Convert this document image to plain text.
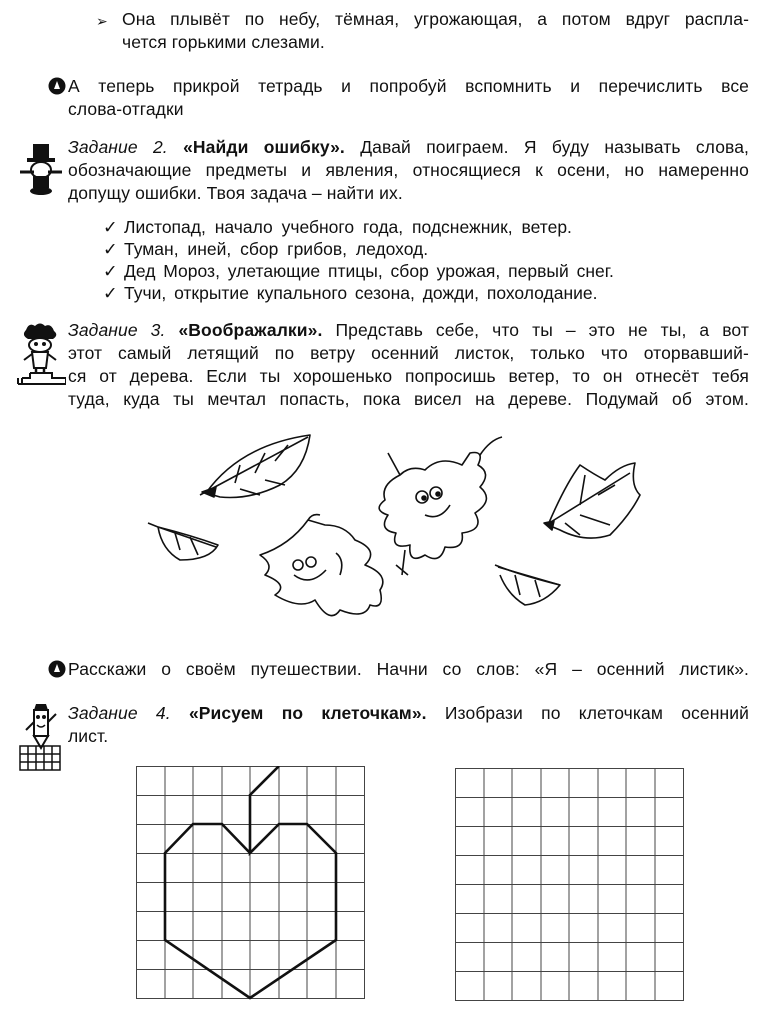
➢ Она плывёт по небу, тёмная, угрожающая, а потом вдруг распла-
чется горькими слезами.
А теперь прикрой тетрадь и попробуй вспомнить и перечислить все
слова-отгадки
Задание 2. «Найди ошибку». Давай поиграем. Я буду называть слова,
обозначающие предметы и явления, относящиеся к осени, но намеренно
допущу ошибки. Твоя задача – найти их.
✓ Листопад, начало учебного года, подснежник, ветер.
✓ Туман, иней, сбор грибов, ледоход.
✓ Дед Мороз, улетающие птицы, сбор урожая, первый снег.
✓ Тучи, открытие купального сезона, дожди, похолодание.
Задание 3. «Воображалки». Представь себе, что ты – это не ты, а вот
этот самый летящий по ветру осенний листок, только что оторвавший-
ся от дерева. Если ты хорошенько попросишь ветер, то он отнесёт тебя
туда, куда ты мечтал попасть, пока висел на дереве. Подумай об этом.
Расскажи о своём путешествии. Начни со слов: «Я – осенний листик».
Задание 4. «Рисуем по клеточкам». Изобрази по клеточкам осенний
лист.
